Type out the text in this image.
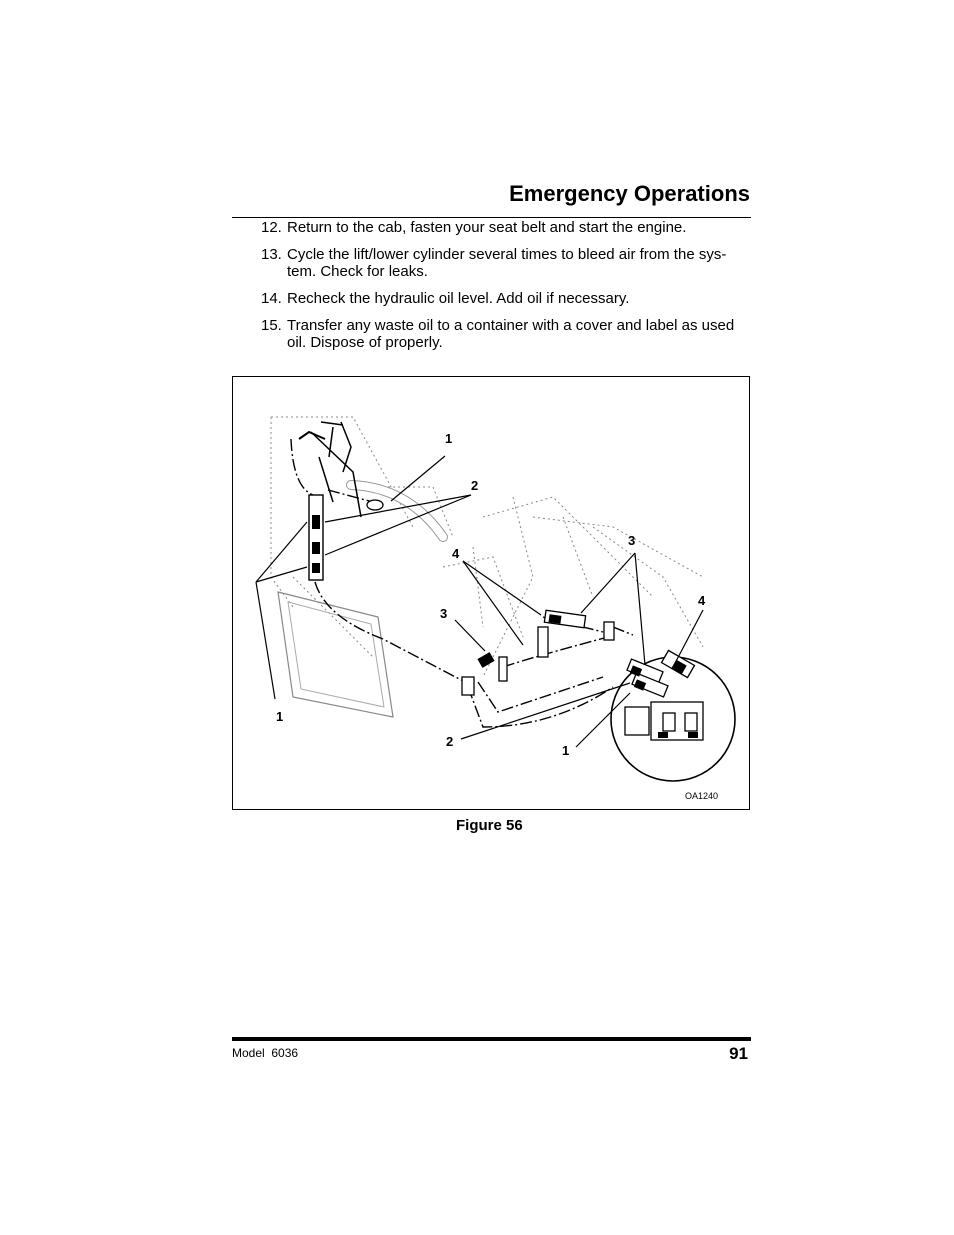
Emergency Operations
12. Return to the cab, fasten your seat belt and start the engine.
13. Cycle the lift/lower cylinder several times to bleed air from the sys-
tem. Check for leaks.
14. Recheck the hydraulic oil level. Add oil if necessary.
15. Transfer any waste oil to a container with a cover and label as used
oil. Dispose of properly.
1
2
4
3
3
4
1
2
1
OA1240
Figure 56
Model  6036	91
